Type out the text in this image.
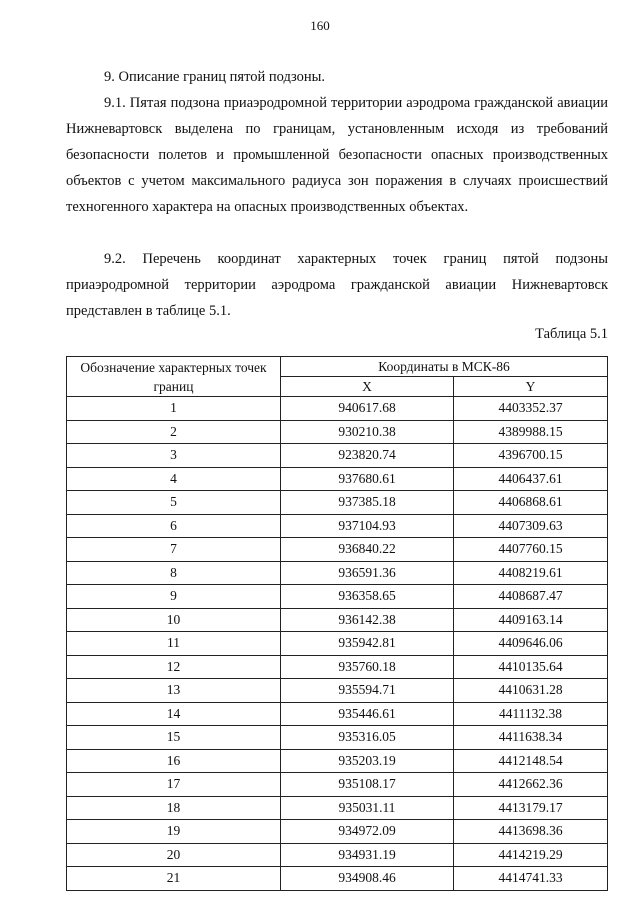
160
9. Описание границ пятой подзоны.
9.1. Пятая подзона приаэродромной территории аэродрома гражданской авиации Нижневартовск выделена по границам, установленным исходя из требований безопасности полетов и промышленной безопасности опасных производственных объектов с учетом максимального радиуса зон поражения в случаях происшествий техногенного характера на опасных производственных объектах.
9.2. Перечень координат характерных точек границ пятой подзоны приаэродромной территории аэродрома гражданской авиации Нижневартовск представлен в таблице 5.1.
Таблица 5.1
Обозначение характерных точек границ	Координаты в МСК-86	
	X	Y
1	940617.68	4403352.37
2	930210.38	4389988.15
3	923820.74	4396700.15
4	937680.61	4406437.61
5	937385.18	4406868.61
6	937104.93	4407309.63
7	936840.22	4407760.15
8	936591.36	4408219.61
9	936358.65	4408687.47
10	936142.38	4409163.14
11	935942.81	4409646.06
12	935760.18	4410135.64
13	935594.71	4410631.28
14	935446.61	4411132.38
15	935316.05	4411638.34
16	935203.19	4412148.54
17	935108.17	4412662.36
18	935031.11	4413179.17
19	934972.09	4413698.36
20	934931.19	4414219.29
21	934908.46	4414741.33
